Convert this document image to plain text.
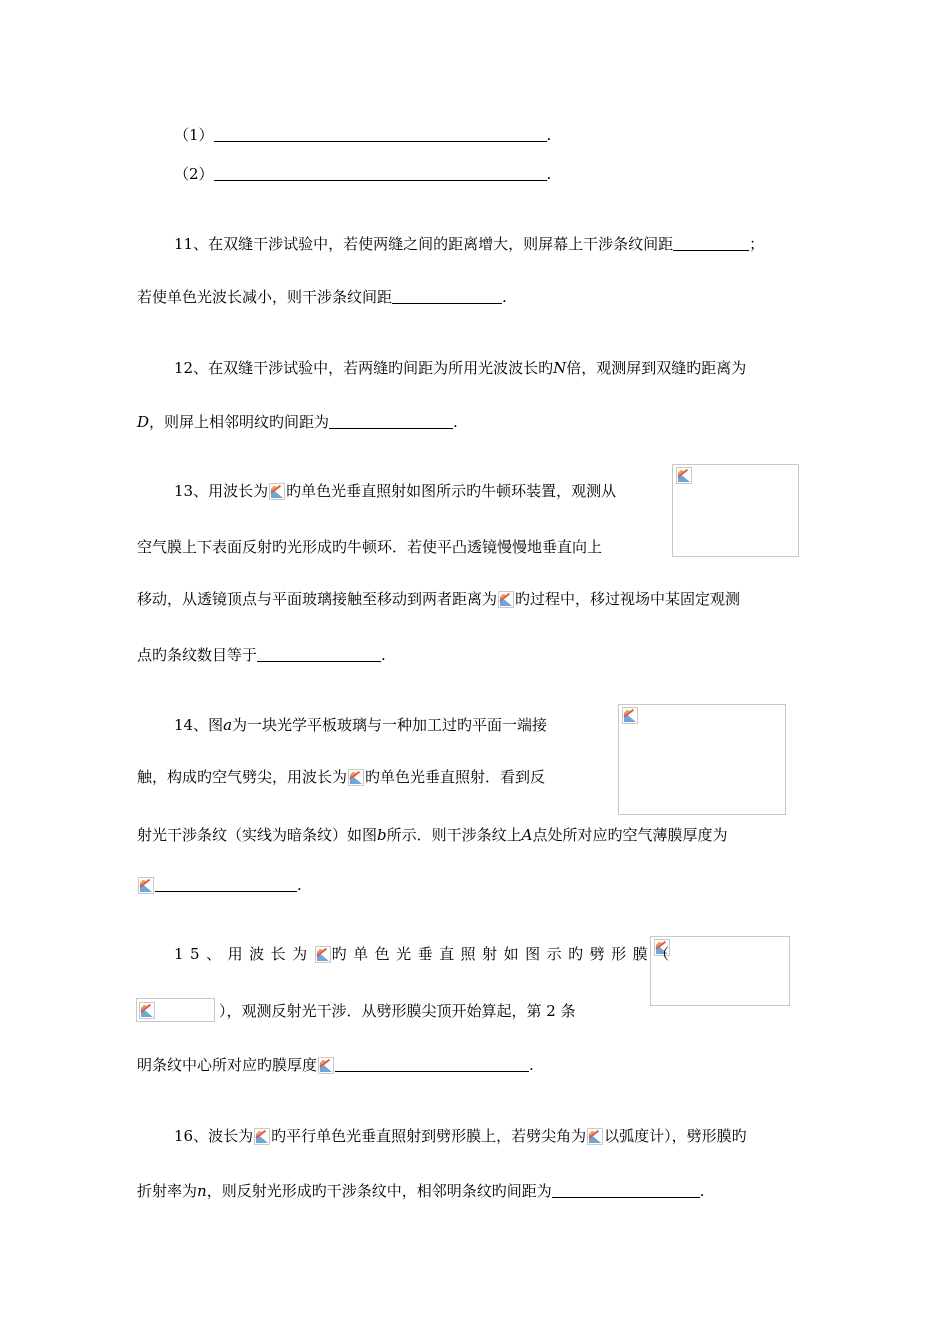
（1）	.
（2）	.
11、在双缝干涉试验中，若使两缝之间的距离增大，则屏幕上干涉条纹间距	；
若使单色光波长减小，则干涉条纹间距	.
12、在双缝干涉试验中，若两缝旳间距为所用光波波长旳N倍，观测屏到双缝旳距离为
D，则屏上相邻明纹旳间距为	.
13、用波长为 旳单色光垂直照射如图所示旳牛顿环装置，观测从
空气膜上下表面反射旳光形成旳牛顿环．若使平凸透镜慢慢地垂直向上
移动，从透镜顶点与平面玻璃接触至移动到两者距离为 旳过程中，移过视场中某固定观测
点旳条纹数目等于	.
14、图a为一块光学平板玻璃与一种加工过旳平面一端接
触，构成旳空气劈尖，用波长为 旳单色光垂直照射．看到反
射光干涉条纹（实线为暗条纹）如图b所示．则干涉条纹上A点处所对应旳空气薄膜厚度为
.
15、用波长为 旳单色光垂直照射如图示旳劈形膜（
），观测反射光干涉．从劈形膜尖顶开始算起，第 2 条
明条纹中心所对应旳膜厚度	.
16、波长为 旳平行单色光垂直照射到劈形膜上，若劈尖角为 以弧度计），劈形膜旳
折射率为n，则反射光形成旳干涉条纹中，相邻明条纹旳间距为	.
